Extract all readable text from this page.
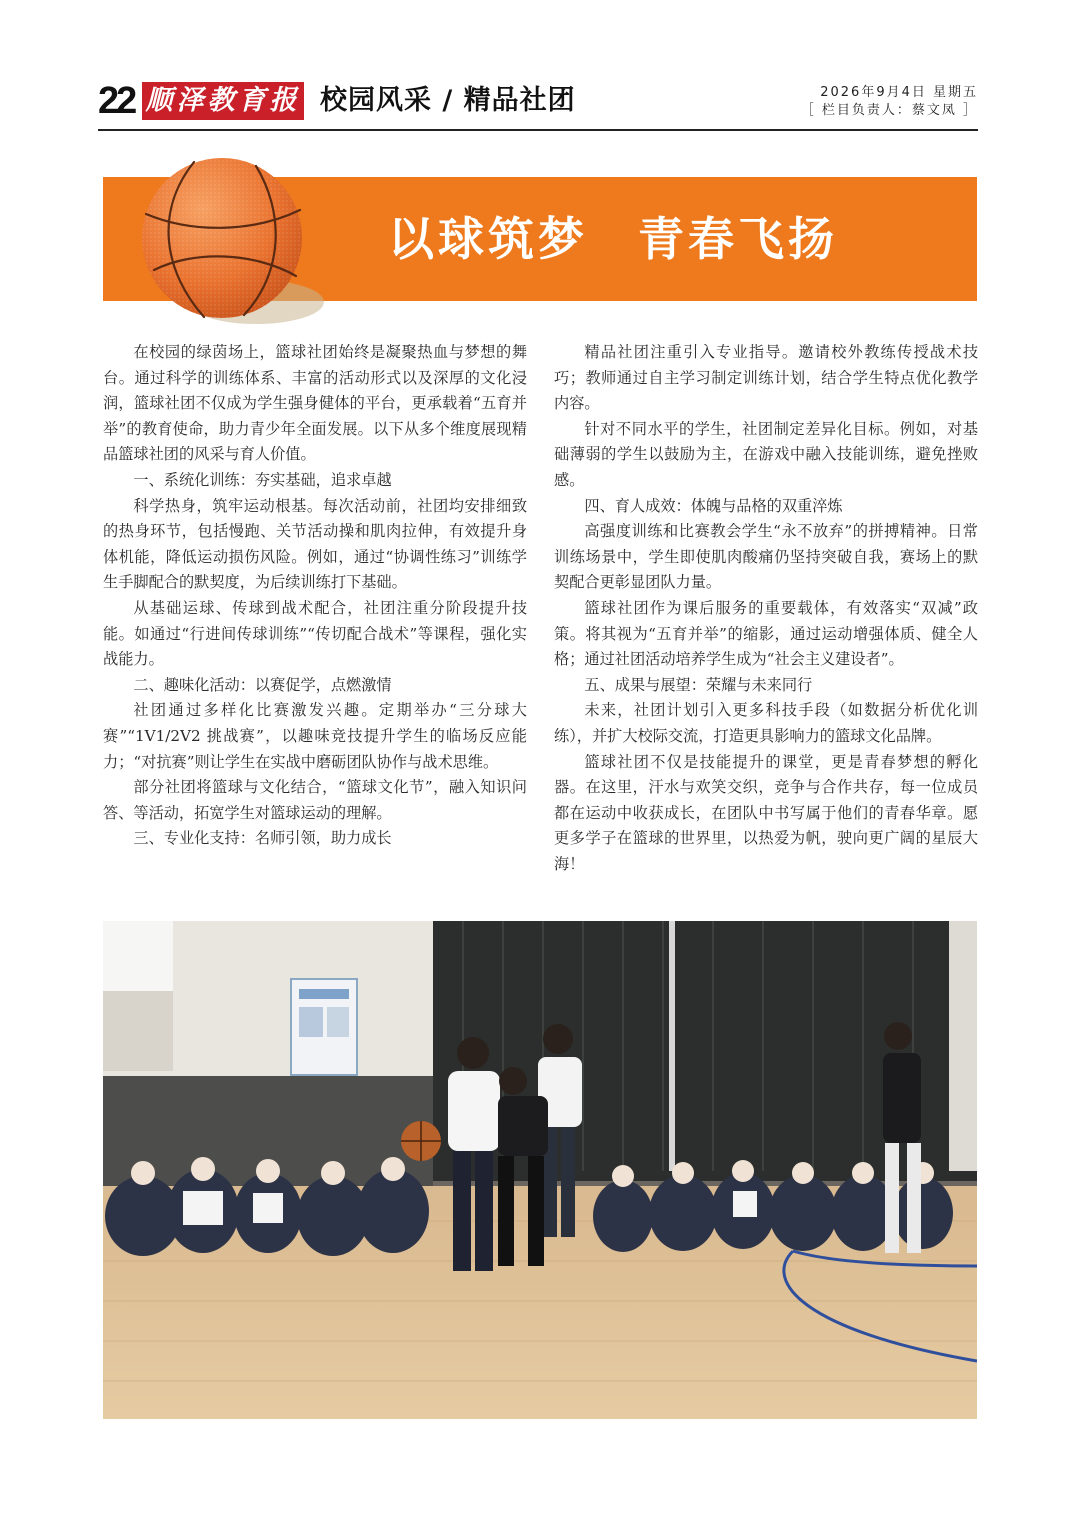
22 顺泽教育报 校园风采 / 精品社团	2026年9月4日 星期五
［ 栏目负责人：蔡文凤 ］
以球筑梦　青春飞扬

在校园的绿茵场上，篮球社团始终是凝聚热血与梦想的舞台。通过科学的训练体系、丰富的活动形式以及深厚的文化浸润，篮球社团不仅成为学生强身健体的平台，更承载着“五育并举”的教育使命，助力青少年全面发展。以下从多个维度展现精品篮球社团的风采与育人价值。

一、系统化训练：夯实基础，追求卓越

科学热身，筑牢运动根基。每次活动前，社团均安排细致的热身环节，包括慢跑、关节活动操和肌肉拉伸，有效提升身体机能，降低运动损伤风险。例如，通过“协调性练习”训练学生手脚配合的默契度，为后续训练打下基础。

从基础运球、传球到战术配合，社团注重分阶段提升技能。如通过“行进间传球训练”“传切配合战术”等课程，强化实战能力。

二、趣味化活动：以赛促学，点燃激情

社团通过多样化比赛激发兴趣。定期举办“三分球大赛”“1V1/2V2 挑战赛”，以趣味竞技提升学生的临场反应能力；“对抗赛”则让学生在实战中磨砺团队协作与战术思维。

部分社团将篮球与文化结合，“篮球文化节”，融入知识问答、等活动，拓宽学生对篮球运动的理解。

三、专业化支持：名师引领，助力成长

精品社团注重引入专业指导。邀请校外教练传授战术技巧；教师通过自主学习制定训练计划，结合学生特点优化教学内容。

针对不同水平的学生，社团制定差异化目标。例如，对基础薄弱的学生以鼓励为主，在游戏中融入技能训练，避免挫败感。

四、育人成效：体魄与品格的双重淬炼

高强度训练和比赛教会学生“永不放弃”的拼搏精神。日常训练场景中，学生即使肌肉酸痛仍坚持突破自我，赛场上的默契配合更彰显团队力量。

篮球社团作为课后服务的重要载体，有效落实“双减”政策。将其视为“五育并举”的缩影，通过运动增强体质、健全人格；通过社团活动培养学生成为“社会主义建设者”。

五、成果与展望：荣耀与未来同行

未来，社团计划引入更多科技手段（如数据分析优化训练），并扩大校际交流，打造更具影响力的篮球文化品牌。

篮球社团不仅是技能提升的课堂，更是青春梦想的孵化器。在这里，汗水与欢笑交织，竞争与合作共存，每一位成员都在运动中收获成长，在团队中书写属于他们的青春华章。愿更多学子在篮球的世界里，以热爱为帆，驶向更广阔的星辰大海！
